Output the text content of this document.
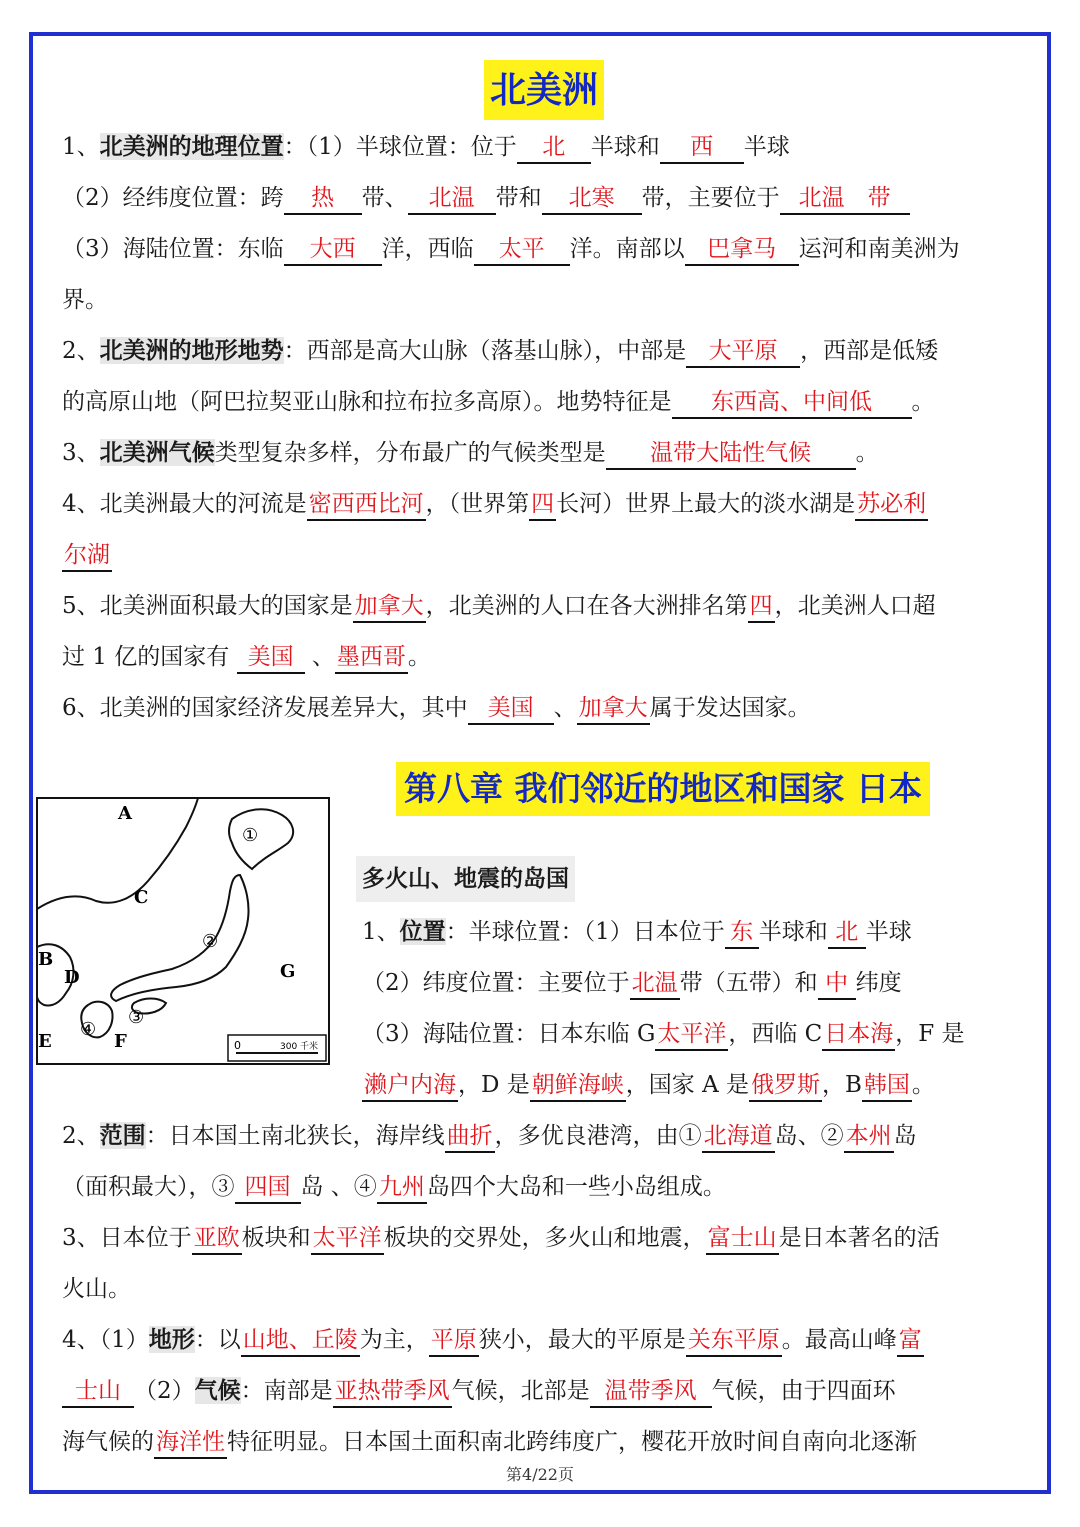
北美洲
1、北美洲的地理位置：（1）半球位置：位于 北 半球和 西 半球
（2）经纬度位置：跨 热 带、 北温 带和 北寒 带，主要位于 北温　带
（3）海陆位置：东临 大西 洋，西临 太平 洋。南部以 巴拿马 运河和南美洲为
界。
2、北美洲的地形地势：西部是高大山脉（落基山脉），中部是 大平原 ，西部是低矮
的高原山地（阿巴拉契亚山脉和拉布拉多高原）。地势特征是 东西高、中间低 。
3、北美洲气候类型复杂多样，分布最广的气候类型是 温带大陆性气候 。
4、北美洲最大的河流是密西西比河，（世界第四长河）世界上最大的淡水湖是苏必利
尔湖
5、北美洲面积最大的国家是加拿大，北美洲的人口在各大洲排名第四，北美洲人口超
过 1 亿的国家有 美国 、墨西哥。
6、北美洲的国家经济发展差异大，其中 美国 、加拿大属于发达国家。
第八章 我们邻近的地区和国家 日本
A
B
C
D
E	F
G
①
②
③
④
0	300 千米
多火山、地震的岛国
1、位置：半球位置：（1）日本位于 东 半球和 北 半球
（2）纬度位置：主要位于北温带（五带）和 中 纬度
（3）海陆位置：日本东临 G太平洋，西临 C日本海，F 是
濑户内海，D 是朝鲜海峡，国家 A 是俄罗斯，B韩国。
2、范围：日本国土南北狭长，海岸线曲折，多优良港湾，由①北海道岛、②本州岛
（面积最大），③ 四国 岛 、④九州岛四个大岛和一些小岛组成。
3、日本位于亚欧板块和太平洋板块的交界处，多火山和地震，富士山是日本著名的活
火山。
4、（1）地形：以山地、丘陵为主，平原狭小，最大的平原是关东平原。最高山峰富
士山 （2）气候：南部是亚热带季风气候，北部是 温带季风 气候，由于四面环
海气候的海洋性特征明显。日本国土面积南北跨纬度广，樱花开放时间自南向北逐渐
第4/22页
